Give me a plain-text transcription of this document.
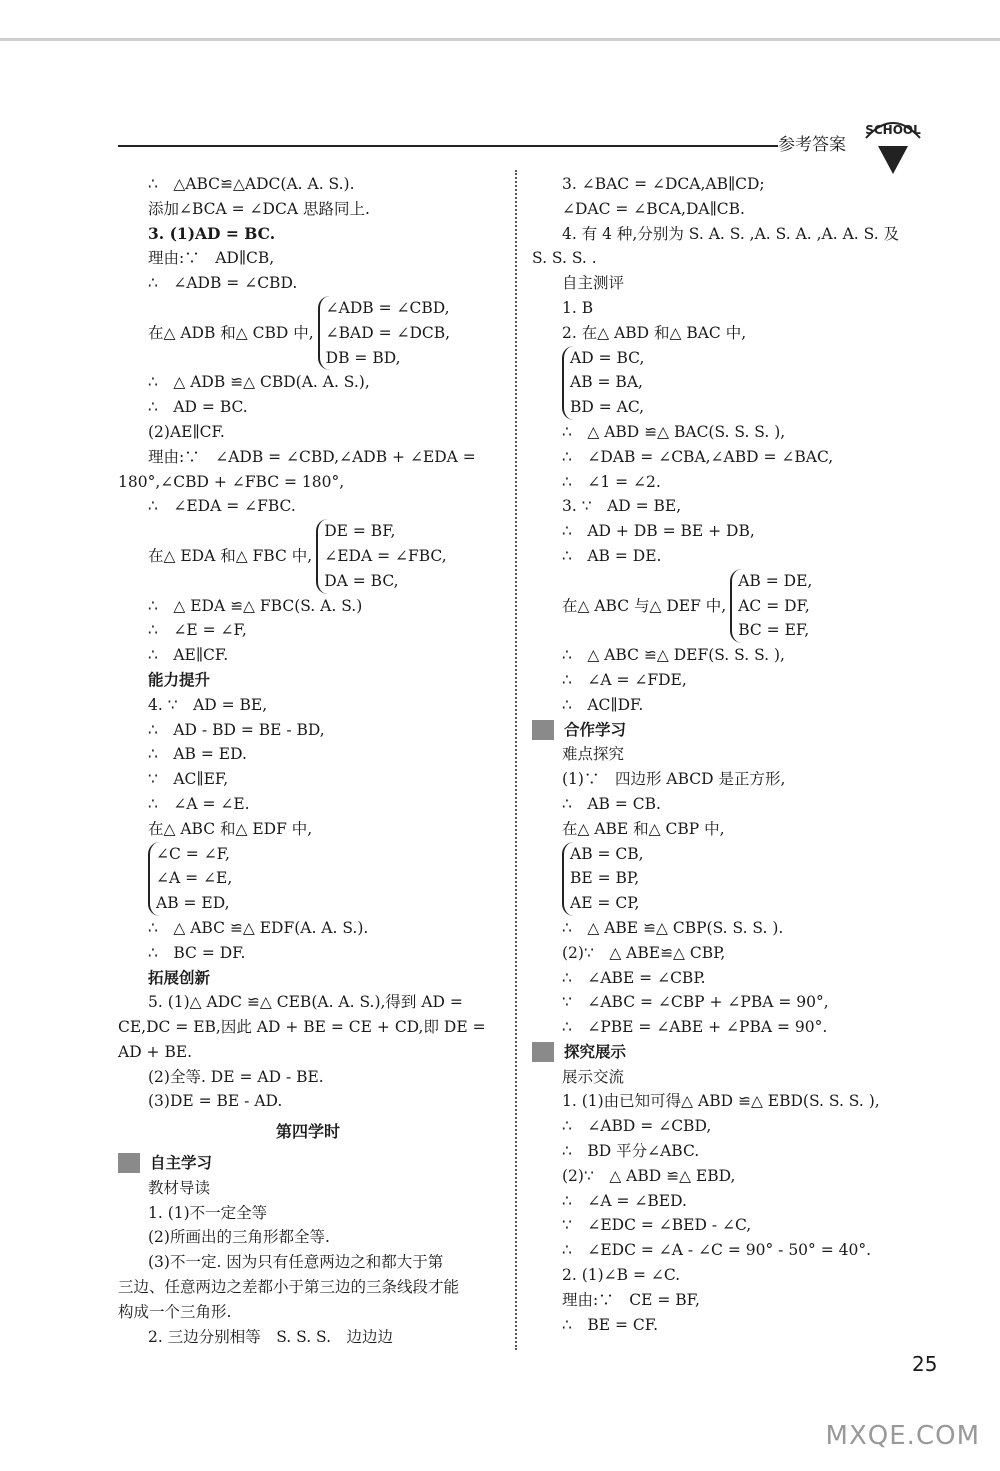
参考答案
SCHOOL
∴　△ABC≌△ADC(A. A. S.).
添加∠BCA = ∠DCA 思路同上.
3. (1)AD = BC.
理由:∵　AD∥CB,
∴　∠ADB = ∠CBD.
在△ ADB 和△ CBD 中,
∠ADB = ∠CBD,
∠BAD = ∠DCB,
DB = BD,
∴　△ ADB ≌△ CBD(A. A. S.),
∴　AD = BC.
(2)AE∥CF.
理由:∵　∠ADB = ∠CBD,∠ADB + ∠EDA =
180°,∠CBD + ∠FBC = 180°,
∴　∠EDA = ∠FBC.
在△ EDA 和△ FBC 中,
DE = BF,
∠EDA = ∠FBC,
DA = BC,
∴　△ EDA ≌△ FBC(S. A. S.)
∴　∠E = ∠F,
∴　AE∥CF.
能力提升
4. ∵　AD = BE,
∴　AD - BD = BE - BD,
∴　AB = ED.
∵　AC∥EF,
∴　∠A = ∠E.
在△ ABC 和△ EDF 中,
∠C = ∠F,
∠A = ∠E,
AB = ED,
∴　△ ABC ≌△ EDF(A. A. S.).
∴　BC = DF.
拓展创新
5. (1)△ ADC ≌△ CEB(A. A. S.),得到 AD =
CE,DC = EB,因此 AD + BE = CE + CD,即 DE =
AD + BE.
(2)全等. DE = AD - BE.
(3)DE = BE - AD.
第四学时
自主学习
教材导读
1. (1)不一定全等
(2)所画出的三角形都全等.
(3)不一定. 因为只有任意两边之和都大于第
三边、任意两边之差都小于第三边的三条线段才能
构成一个三角形.
2. 三边分别相等　S. S. S.　边边边
3. ∠BAC = ∠DCA,AB∥CD;
∠DAC = ∠BCA,DA∥CB.
4. 有 4 种,分别为 S. A. S. ,A. S. A. ,A. A. S. 及
S. S. S. .
自主测评
1. B
2. 在△ ABD 和△ BAC 中,
AD = BC,
AB = BA,
BD = AC,
∴　△ ABD ≌△ BAC(S. S. S. ),
∴　∠DAB = ∠CBA,∠ABD = ∠BAC,
∴　∠1 = ∠2.
3. ∵　AD = BE,
∴　AD + DB = BE + DB,
∴　AB = DE.
在△ ABC 与△ DEF 中,
AB = DE,
AC = DF,
BC = EF,
∴　△ ABC ≌△ DEF(S. S. S. ),
∴　∠A = ∠FDE,
∴　AC∥DF.
合作学习
难点探究
(1)∵　四边形 ABCD 是正方形,
∴　AB = CB.
在△ ABE 和△ CBP 中,
AB = CB,
BE = BP,
AE = CP,
∴　△ ABE ≌△ CBP(S. S. S. ).
(2)∵　△ ABE≌△ CBP,
∴　∠ABE = ∠CBP.
∵　∠ABC = ∠CBP + ∠PBA = 90°,
∴　∠PBE = ∠ABE + ∠PBA = 90°.
探究展示
展示交流
1. (1)由已知可得△ ABD ≌△ EBD(S. S. S. ),
∴　∠ABD = ∠CBD,
∴　BD 平分∠ABC.
(2)∵　△ ABD ≌△ EBD,
∴　∠A = ∠BED.
∵　∠EDC = ∠BED - ∠C,
∴　∠EDC = ∠A - ∠C = 90° - 50° = 40°.
2. (1)∠B = ∠C.
理由:∵　CE = BF,
∴　BE = CF.
25
MXQE.COM
